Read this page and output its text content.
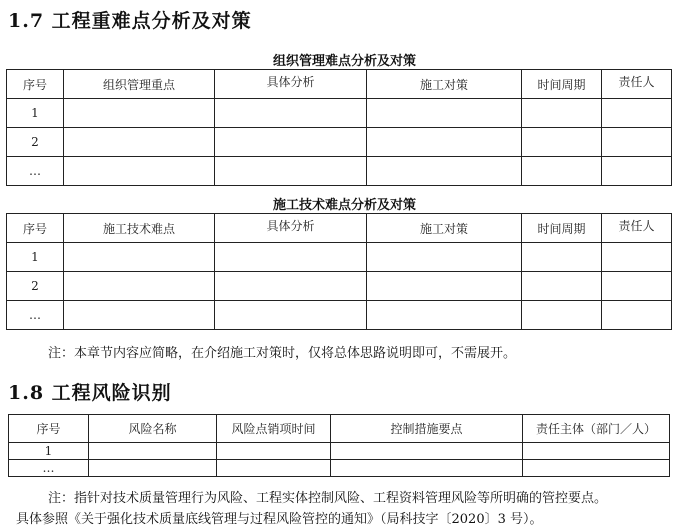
1.7 工程重难点分析及对策
组织管理难点分析及对策
序号	组织管理重点	具体分析	施工对策	时间周期	责任人
1					
2					
…					
施工技术难点分析及对策
序号	施工技术难点	具体分析	施工对策	时间周期	责任人
1					
2					
…					
注：本章节内容应简略，在介绍施工对策时，仅将总体思路说明即可，不需展开。
1.8 工程风险识别
序号	风险名称	风险点销项时间	控制措施要点	责任主体（部门／人）
1				
…				
注：指针对技术质量管理行为风险、工程实体控制风险、工程资料管理风险等所明确的管控要点。
具体参照《关于强化技术质量底线管理与过程风险管控的通知》（局科技字〔2020〕3 号）。
